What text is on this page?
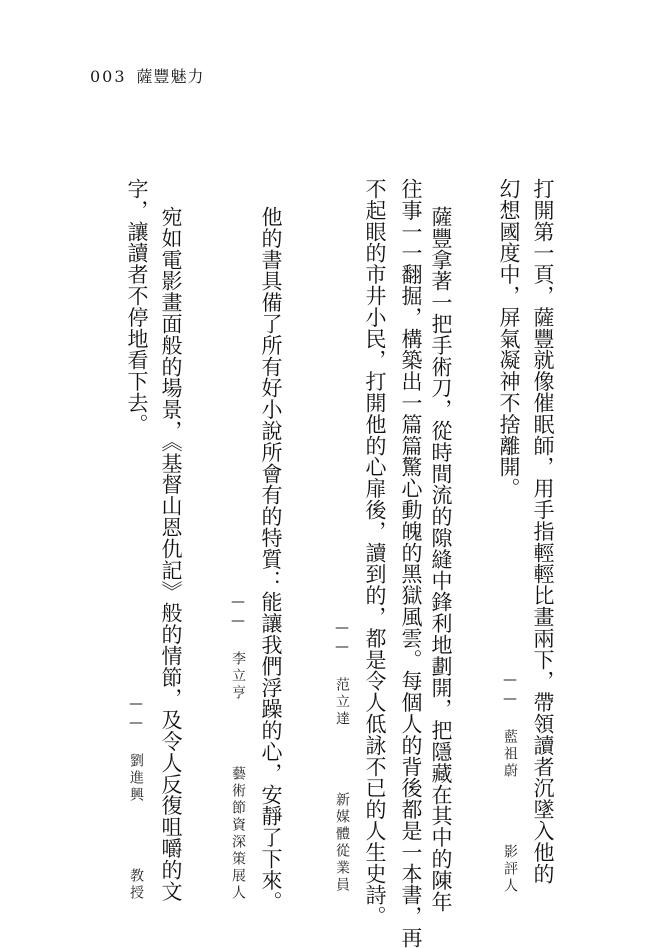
003 薩豐魅力
打開第一頁，薩豐就像催眠師，用手指輕輕比畫兩下，帶領讀者沉墜入他的
幻想國度中，屏氣凝神不捨離開。
—— 藍祖蔚  影評人
薩豐拿著一把手術刀，從時間流的隙縫中鋒利地劃開，把隱藏在其中的陳年
往事一一翻掘，構築出一篇篇驚心動魄的黑獄風雲。每個人的背後都是一本書，再
不起眼的市井小民，打開他的心扉後，讀到的，都是令人低詠不已的人生史詩。
—— 范立達  新媒體從業員
他的書具備了所有好小說所會有的特質：能讓我們浮躁的心，安靜了下來。
—— 李立亨  藝術節資深策展人
宛如電影畫面般的場景，《基督山恩仇記》般的情節，及令人反復咀嚼的文
字，讓讀者不停地看下去。
—— 劉進興  教授
